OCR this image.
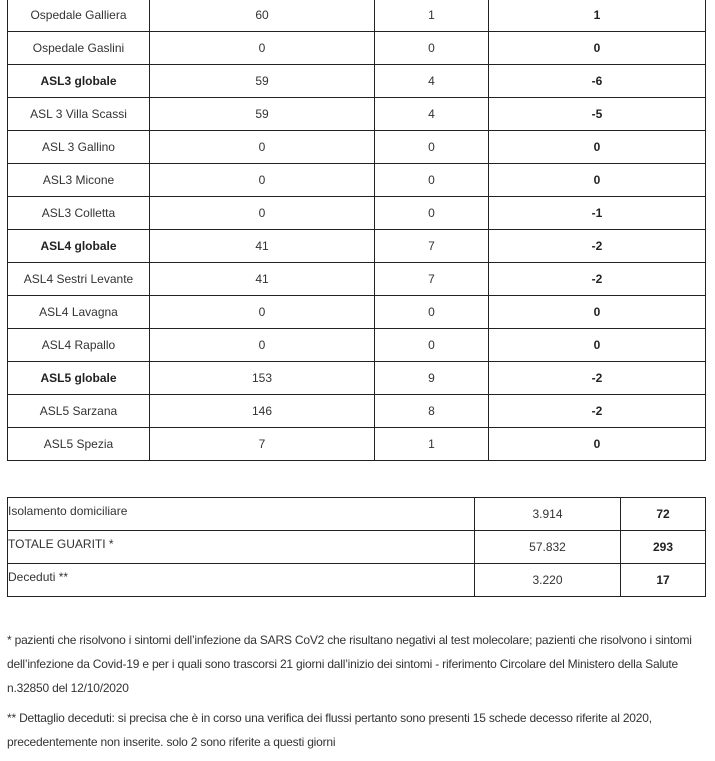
Ospedale Galliera	60	1	1
Ospedale Gaslini	0	0	0
ASL3 globale	59	4	-6
ASL 3 Villa Scassi	59	4	-5
ASL 3 Gallino	0	0	0
ASL3 Micone	0	0	0
ASL3 Colletta	0	0	-1
ASL4 globale	41	7	-2
ASL4 Sestri Levante	41	7	-2
ASL4 Lavagna	0	0	0
ASL4 Rapallo	0	0	0
ASL5 globale	153	9	-2
ASL5 Sarzana	146	8	-2
ASL5 Spezia	7	1	0
Isolamento domiciliare	3.914	72
TOTALE GUARITI *	57.832	293
Deceduti **	3.220	17

* pazienti che risolvono i sintomi dell’infezione da SARS CoV2 che risultano negativi al test molecolare; pazienti che risolvono i sintomi dell’infezione da Covid-19 e per i quali sono trascorsi 21 giorni dall’inizio dei sintomi - riferimento Circolare del Ministero della Salute n.32850 del 12/10/2020

** Dettaglio deceduti: si precisa che è in corso una verifica dei flussi pertanto sono presenti 15 schede decesso riferite al 2020, precedentemente non inserite. solo 2 sono riferite a questi giorni
